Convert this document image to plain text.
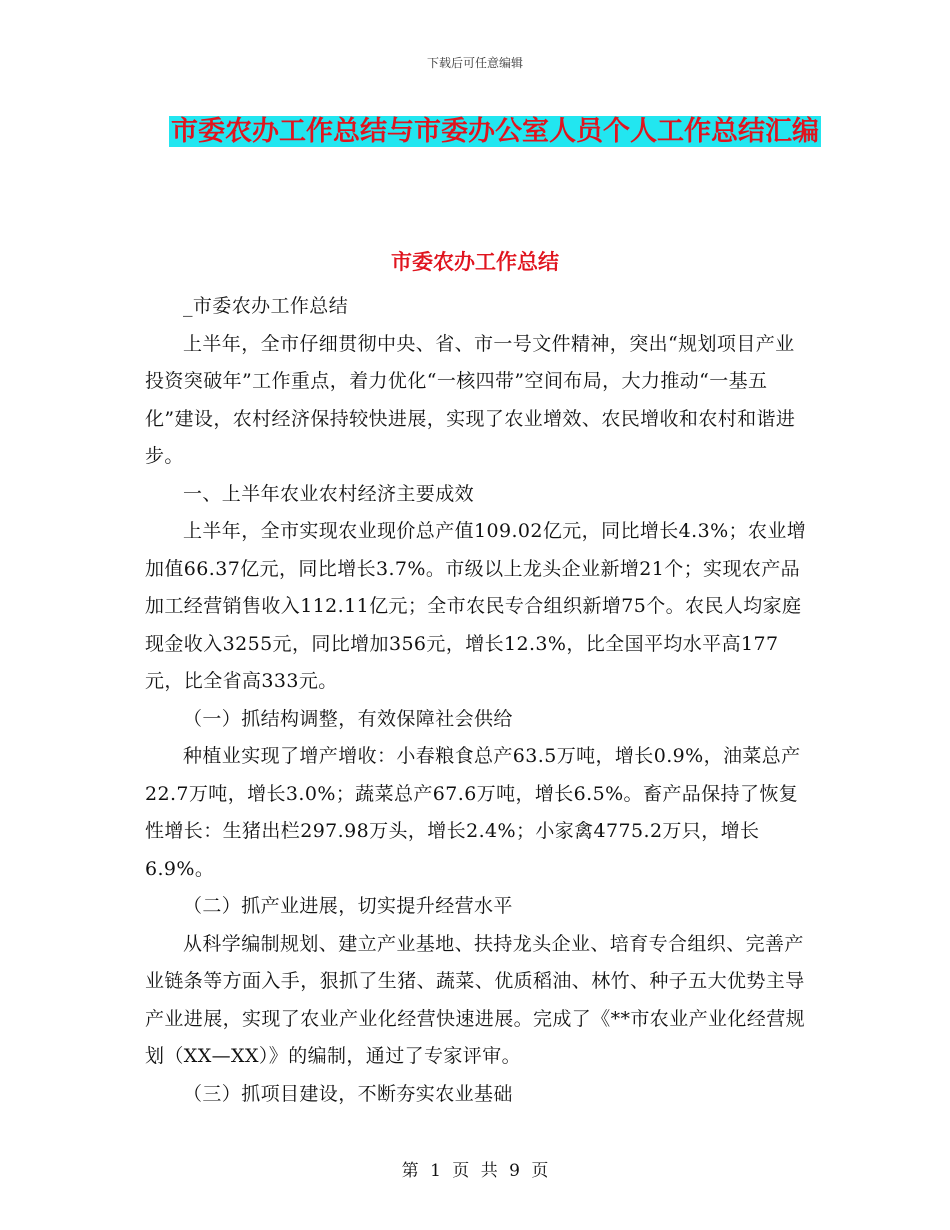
下载后可任意编辑
市委农办工作总结与市委办公室人员个人工作总结汇编
市委农办工作总结

_市委农办工作总结

上半年，全市仔细贯彻中央、省、市一号文件精神，突出“规划项目产业投资突破年”工作重点，着力优化“一核四带”空间布局，大力推动“一基五化”建设，农村经济保持较快进展，实现了农业增效、农民增收和农村和谐进步。

一、上半年农业农村经济主要成效

上半年，全市实现农业现价总产值109.02亿元，同比增长4.3%；农业增加值66.37亿元，同比增长3.7%。市级以上龙头企业新增21个；实现农产品加工经营销售收入112.11亿元；全市农民专合组织新增75个。农民人均家庭现金收入3255元，同比增加356元，增长12.3%，比全国平均水平高177元，比全省高333元。

（一）抓结构调整，有效保障社会供给

种植业实现了增产增收：小春粮食总产63.5万吨，增长0.9%，油菜总产22.7万吨，增长3.0%；蔬菜总产67.6万吨，增长6.5%。畜产品保持了恢复性增长：生猪出栏297.98万头，增长2.4%；小家禽4775.2万只，增长6.9%。

（二）抓产业进展，切实提升经营水平

从科学编制规划、建立产业基地、扶持龙头企业、培育专合组织、完善产业链条等方面入手，狠抓了生猪、蔬菜、优质稻油、林竹、种子五大优势主导产业进展，实现了农业产业化经营快速进展。完成了《**市农业产业化经营规划（XX—XX）》的编制，通过了专家评审。

（三）抓项目建设，不断夯实农业基础

第 1 页 共 9 页
